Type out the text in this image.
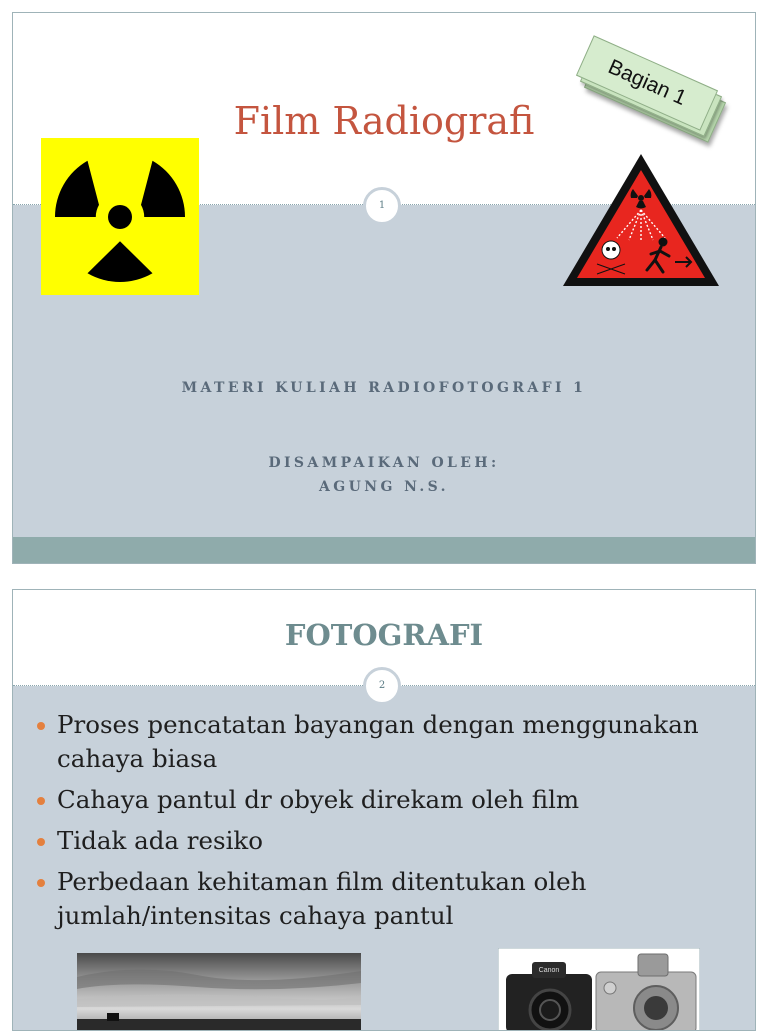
Film Radiografi
1
Bagian 1
MATERI KULIAH RADIOFOTOGRAFI 1
DISAMPAIKAN OLEH:
AGUNG N.S.
FOTOGRAFI
2
Proses pencatatan bayangan dengan menggunakan cahaya biasa
Cahaya pantul dr obyek direkam oleh film
Tidak ada resiko
Perbedaan kehitaman film ditentukan oleh jumlah/intensitas cahaya pantul
Canon
